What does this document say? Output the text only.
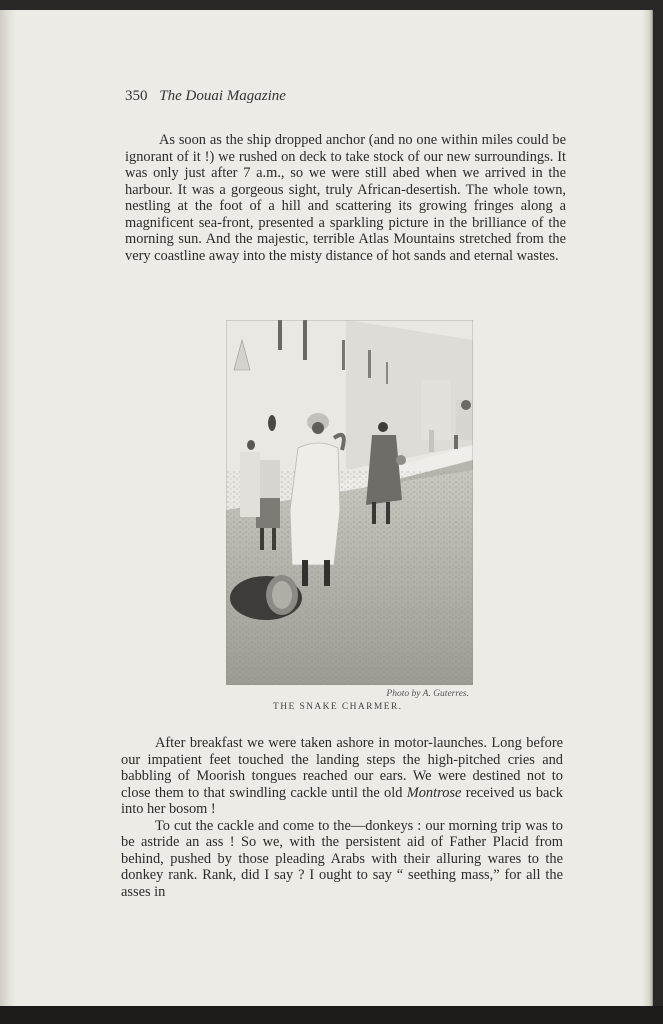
350 The Douai Magazine

As soon as the ship dropped anchor (and no one within miles could be ignorant of it !) we rushed on deck to take stock of our new surroundings. It was only just after 7 a.m., so we were still abed when we arrived in the harbour. It was a gorgeous sight, truly African-desertish. The whole town, nestling at the foot of a hill and scattering its growing fringes along a magnificent sea-front, presented a sparkling picture in the brilliance of the morning sun. And the majestic, terrible Atlas Mountains stretched from the very coastline away into the misty distance of hot sands and eternal wastes.

Photo by A. Guterres.
THE SNAKE CHARMER.

After breakfast we were taken ashore in motor-launches. Long before our impatient feet touched the landing steps the high-pitched cries and babbling of Moorish tongues reached our ears. We were destined not to close them to that swindling cackle until the old Montrose received us back into her bosom !

To cut the cackle and come to the—donkeys : our morning trip was to be astride an ass ! So we, with the persistent aid of Father Placid from behind, pushed by those pleading Arabs with their alluring wares to the donkey rank. Rank, did I say ? I ought to say “ seething mass,” for all the asses in
